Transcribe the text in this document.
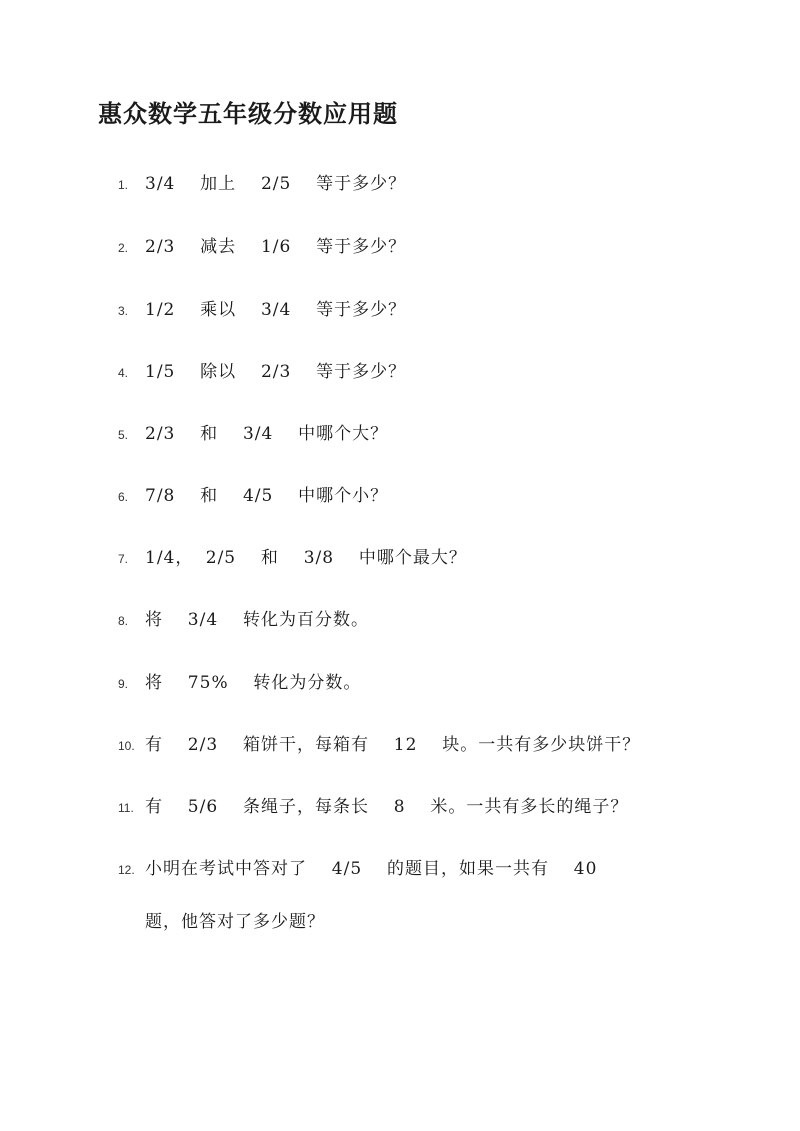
惠众数学五年级分数应用题
1. 3/4  加上  2/5  等于多少？
2. 2/3  减去  1/6  等于多少？
3. 1/2  乘以  3/4  等于多少？
4. 1/5  除以  2/3  等于多少？
5. 2/3  和  3/4  中哪个大？
6. 7/8  和  4/5  中哪个小？
7. 1/4， 2/5  和  3/8  中哪个最大？
8. 将  3/4  转化为百分数。
9. 将  75%  转化为分数。
10. 有  2/3  箱饼干，每箱有  12  块。一共有多少块饼干？
11. 有  5/6  条绳子，每条长  8  米。一共有多长的绳子？
12. 小明在考试中答对了  4/5  的题目，如果一共有  40
题，他答对了多少题？
